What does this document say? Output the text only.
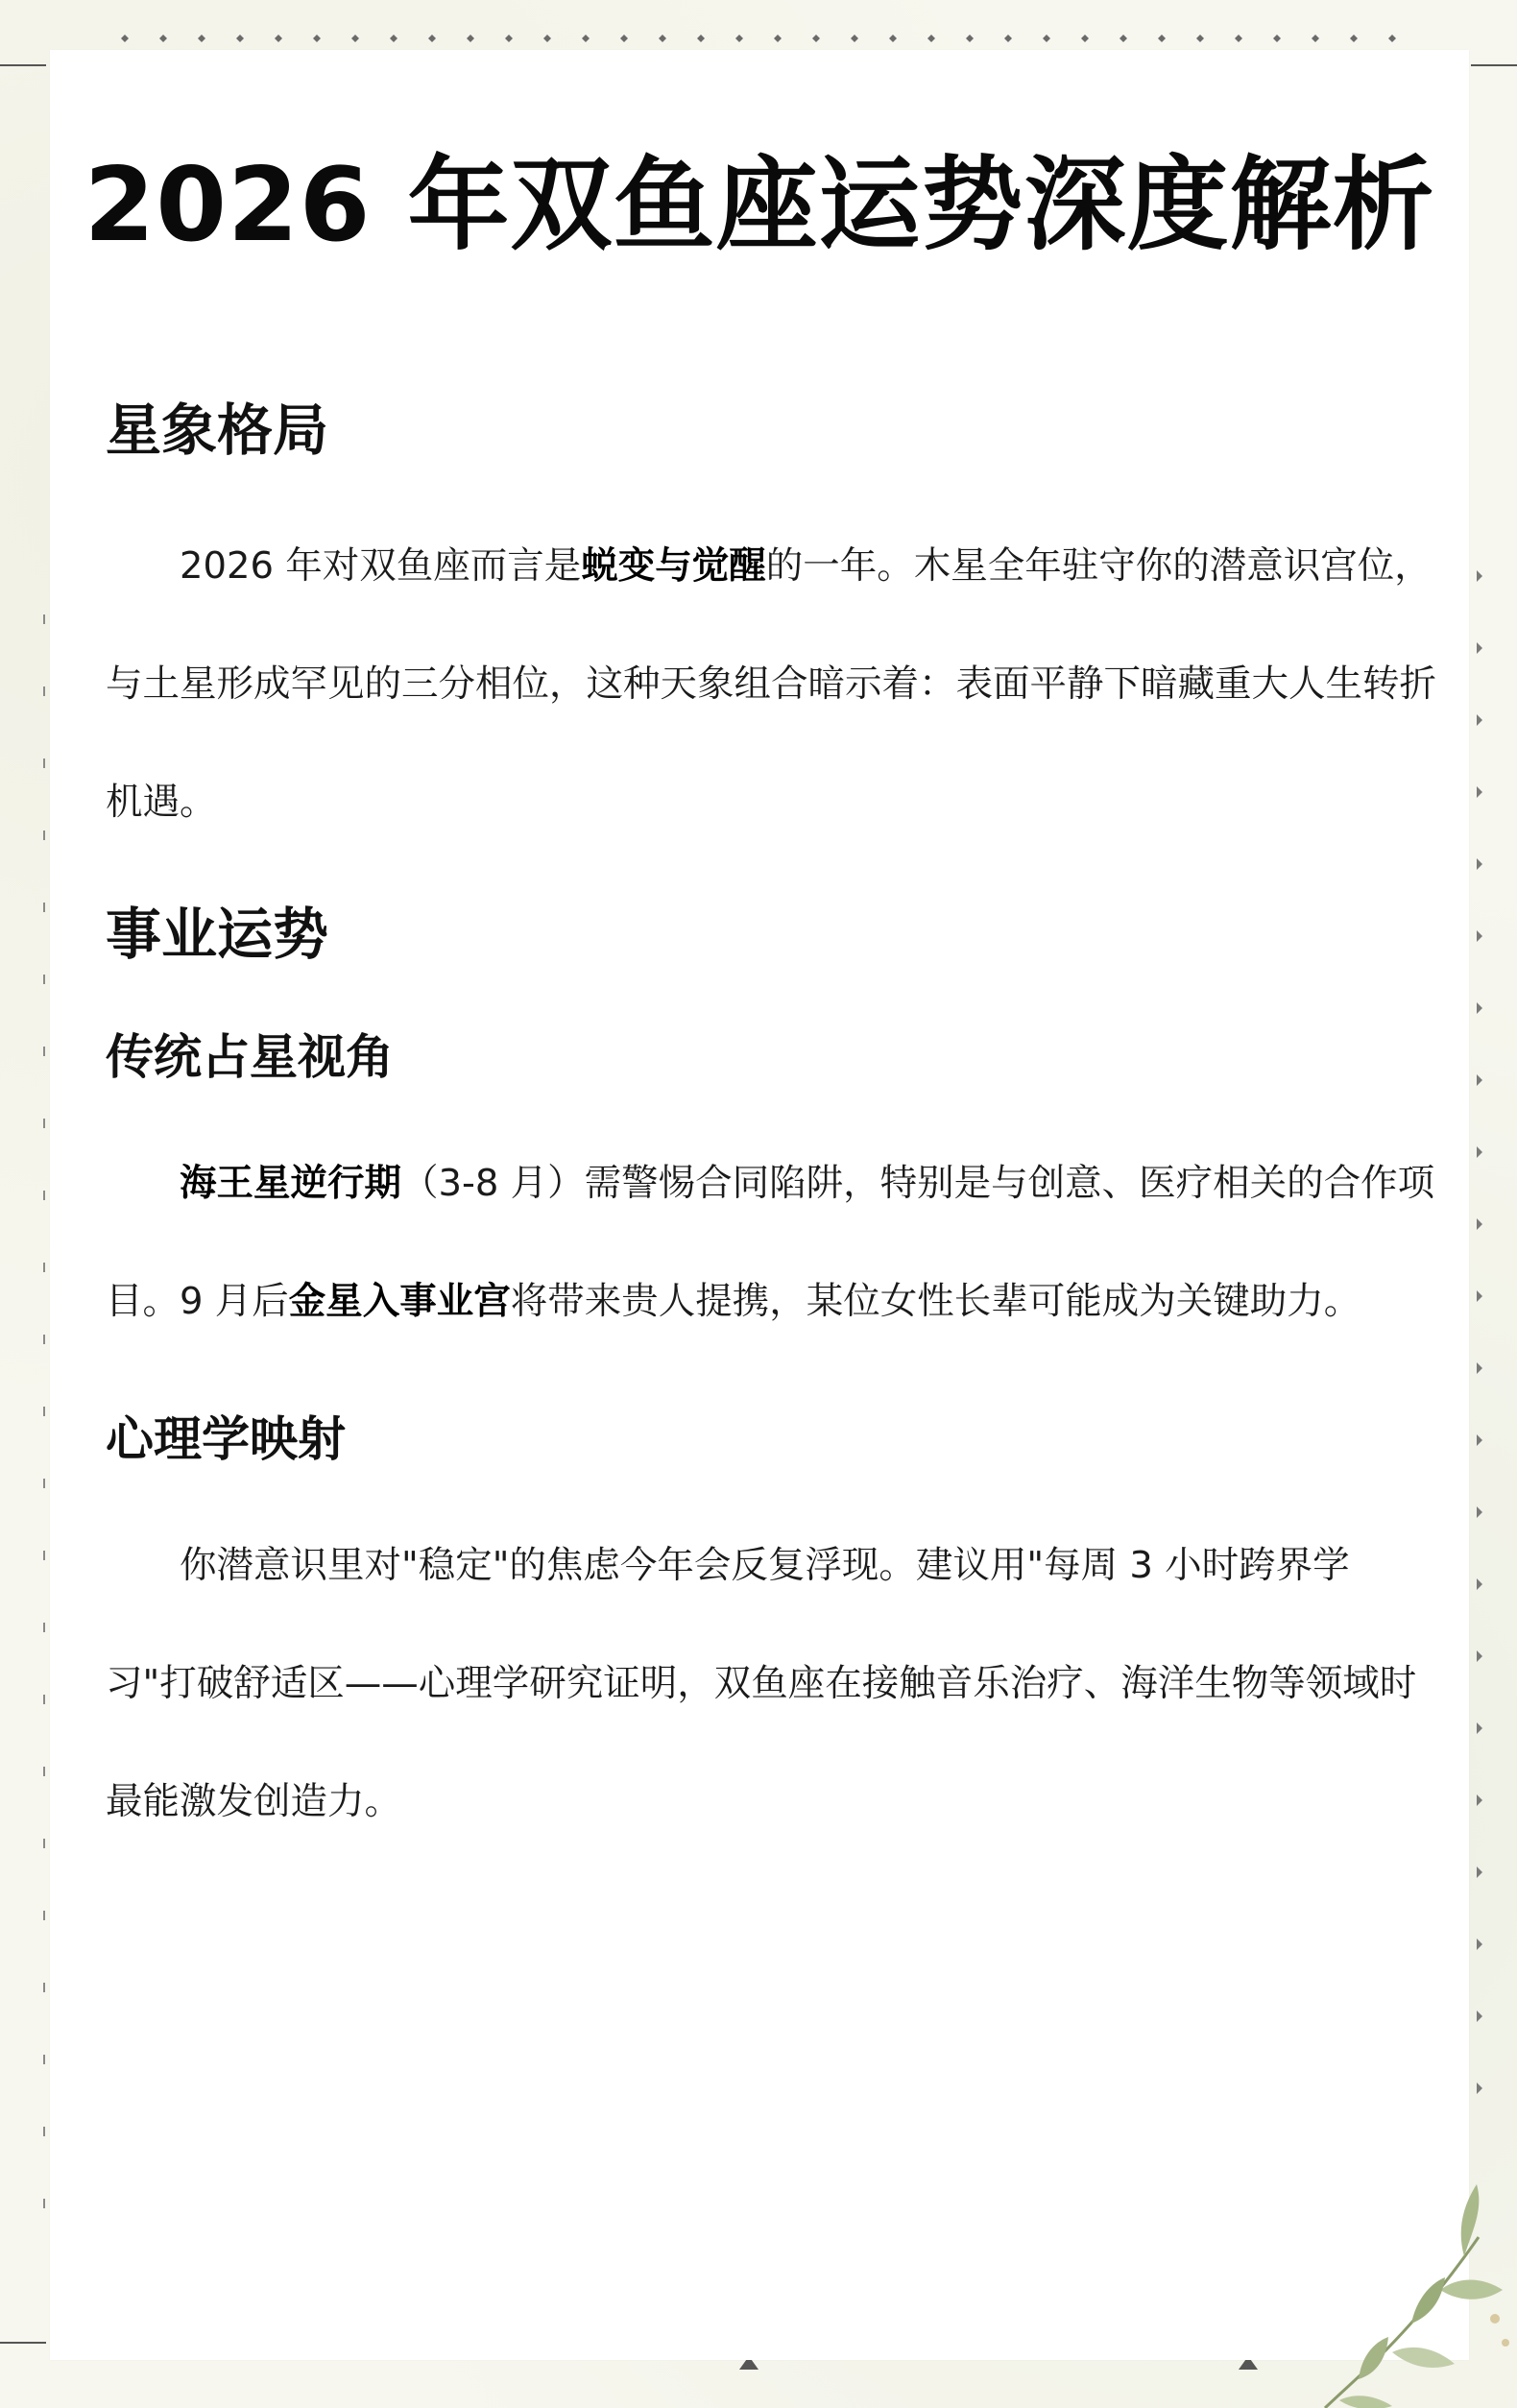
2026 年双鱼座运势深度解析
星象格局

2026 年对双鱼座而言是蜕变与觉醒的一年。木星全年驻守你的潜意识宫位，与土星形成罕见的三分相位，这种天象组合暗示着：表面平静下暗藏重大人生转折机遇。

事业运势
传统占星视角

海王星逆行期（3-8 月）需警惕合同陷阱，特别是与创意、医疗相关的合作项目。9 月后金星入事业宫将带来贵人提携，某位女性长辈可能成为关键助力。

心理学映射

你潜意识里对"稳定"的焦虑今年会反复浮现。建议用"每周 3 小时跨界学习"打破舒适区——心理学研究证明，双鱼座在接触音乐治疗、海洋生物等领域时最能激发创造力。
